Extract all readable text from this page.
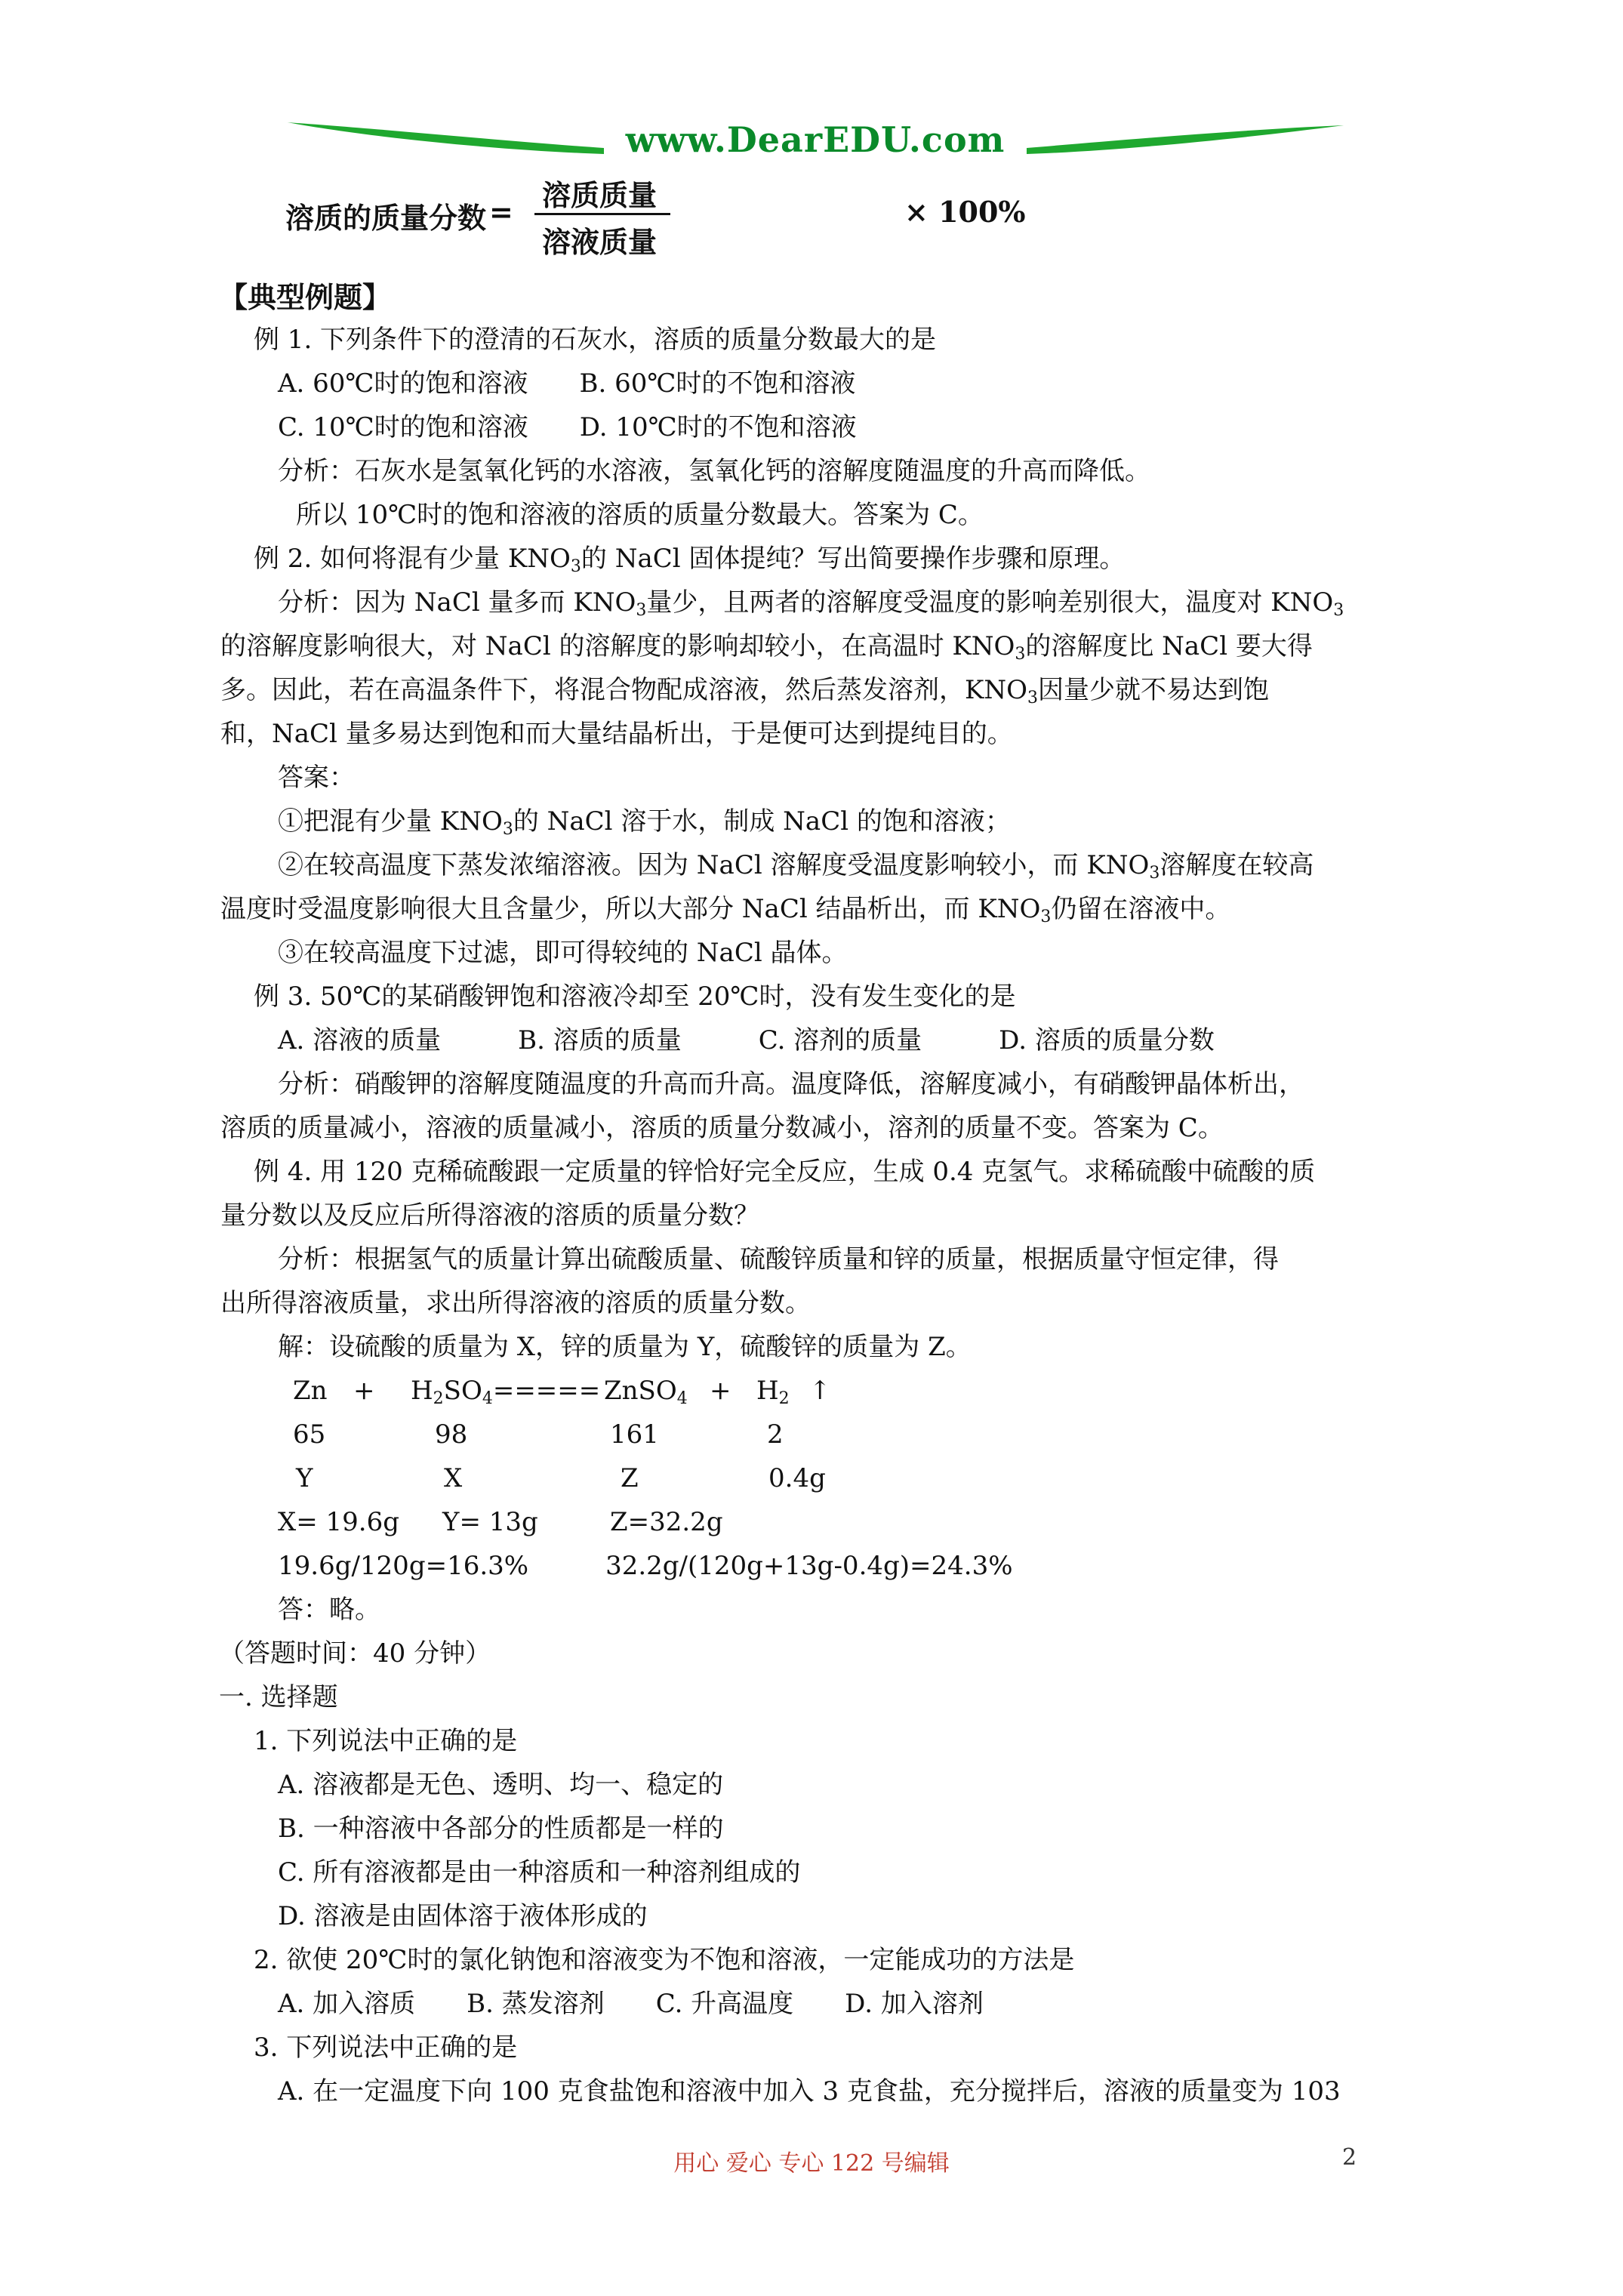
www.DearEDU.com
溶质的质量分数 = 溶质质量
溶液质量
× 100%
【典型例题】
例 1. 下列条件下的澄清的石灰水，溶质的质量分数最大的是
A. 60℃时的饱和溶液　　B. 60℃时的不饱和溶液
C. 10℃时的饱和溶液　　D. 10℃时的不饱和溶液
分析：石灰水是氢氧化钙的水溶液，氢氧化钙的溶解度随温度的升高而降低。
所以 10℃时的饱和溶液的溶质的质量分数最大。答案为 C。
例 2. 如何将混有少量 $KNO_3$的 NaCl 固体提纯？写出简要操作步骤和原理。
分析：因为 NaCl 量多而 $KNO_3$量少，且两者的溶解度受温度的影响差别很大，温度对 $KNO_3$
的溶解度影响很大，对 NaCl 的溶解度的影响却较小，在高温时 $KNO_3$的溶解度比 NaCl 要大得
多。因此，若在高温条件下，将混合物配成溶液，然后蒸发溶剂，$KNO_3$因量少就不易达到饱
和，NaCl 量多易达到饱和而大量结晶析出，于是便可达到提纯目的。
答案：
①把混有少量 $KNO_3$的 NaCl 溶于水，制成 NaCl 的饱和溶液；
②在较高温度下蒸发浓缩溶液。因为 NaCl 溶解度受温度影响较小，而 $KNO_3$溶解度在较高
温度时受温度影响很大且含量少，所以大部分 NaCl 结晶析出，而 $KNO_3$仍留在溶液中。
③在较高温度下过滤，即可得较纯的 NaCl 晶体。
例 3. 50℃的某硝酸钾饱和溶液冷却至 20℃时，没有发生变化的是
A. 溶液的质量　　　B. 溶质的质量　　　C. 溶剂的质量　　　D. 溶质的质量分数
分析：硝酸钾的溶解度随温度的升高而升高。温度降低，溶解度减小，有硝酸钾晶体析出，
溶质的质量减小，溶液的质量减小，溶质的质量分数减小，溶剂的质量不变。答案为 C。
例 4. 用 120 克稀硫酸跟一定质量的锌恰好完全反应，生成 0.4 克氢气。求稀硫酸中硫酸的质
量分数以及反应后所得溶液的溶质的质量分数？
分析：根据氢气的质量计算出硫酸质量、硫酸锌质量和锌的质量，根据质量守恒定律，得
出所得溶液质量，求出所得溶液的溶质的质量分数。
解：设硫酸的质量为 X，锌的质量为 Y，硫酸锌的质量为 Z。
$Zn + H_2SO_4=====$ ZnSO$_4$ + $H_2$ ↑
65	98	161	2
Y	X	Z	0.4g
X= 19.6g Y= 13g	Z=32.2g
19.6g/120g=16.3%　　　32.2g/(120g+13g-0.4g)=24.3%
答：略。
（答题时间：40 分钟）
一. 选择题
1. 下列说法中正确的是
A. 溶液都是无色、透明、均一、稳定的
B. 一种溶液中各部分的性质都是一样的
C. 所有溶液都是由一种溶质和一种溶剂组成的
D. 溶液是由固体溶于液体形成的
2. 欲使 20℃时的氯化钠饱和溶液变为不饱和溶液，一定能成功的方法是
A. 加入溶质　　B. 蒸发溶剂　　C. 升高温度　　D. 加入溶剂
3. 下列说法中正确的是
A. 在一定温度下向 100 克食盐饱和溶液中加入 3 克食盐，充分搅拌后，溶液的质量变为 103
用心 爱心 专心 122 号编辑	2
